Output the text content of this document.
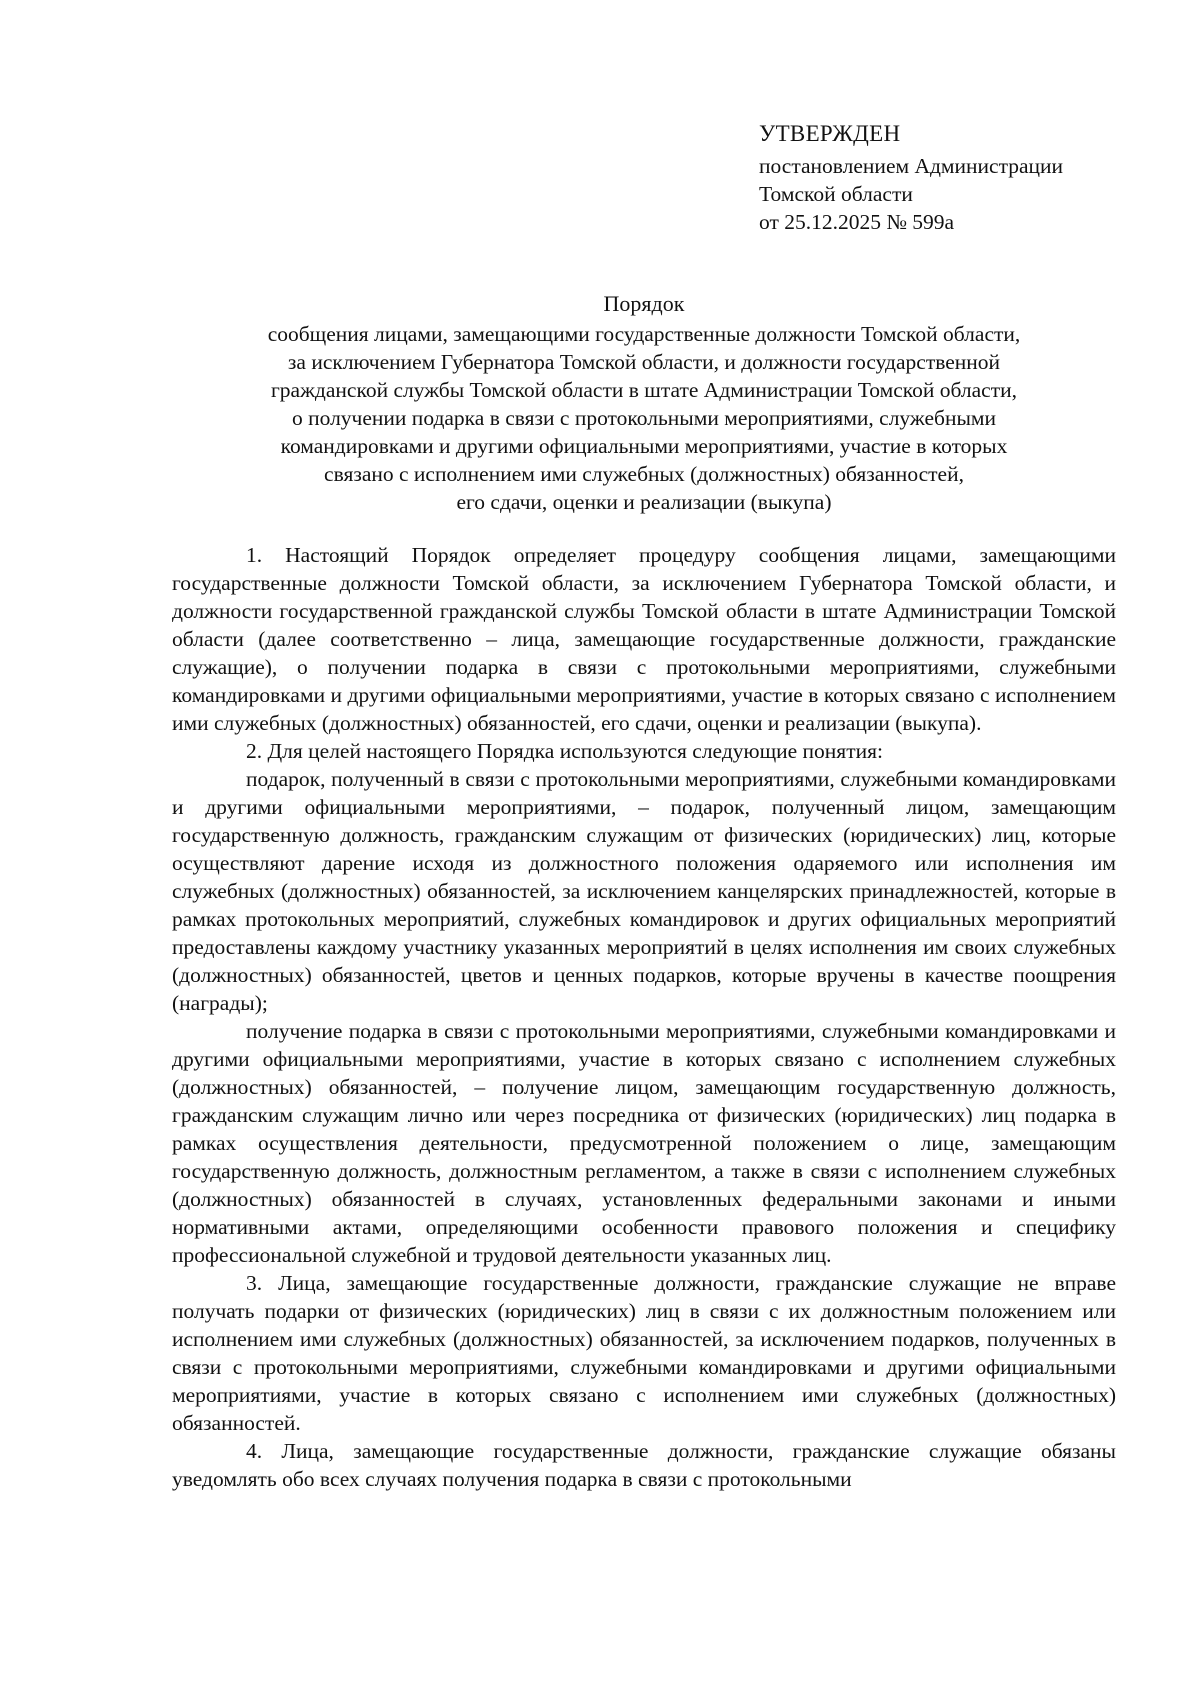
УТВЕРЖДЕН
постановлением Администрации
Томской области
от 25.12.2025 № 599а
Порядок
сообщения лицами, замещающими государственные должности Томской области,
за исключением Губернатора Томской области, и должности государственной
гражданской службы Томской области в штате Администрации Томской области,
о получении подарка в связи с протокольными мероприятиями, служебными
командировками и другими официальными мероприятиями, участие в которых
связано с исполнением ими служебных (должностных) обязанностей,
его сдачи, оценки и реализации (выкупа)

1. Настоящий Порядок определяет процедуру сообщения лицами, замещающими государственные должности Томской области, за исключением Губернатора Томской области, и должности государственной гражданской службы Томской области в штате Администрации Томской области (далее соответственно – лица, замещающие государственные должности, гражданские служащие), о получении подарка в связи с протокольными мероприятиями, служебными командировками и другими официальными мероприятиями, участие в которых связано с исполнением ими служебных (должностных) обязанностей, его сдачи, оценки и реализации (выкупа).

2. Для целей настоящего Порядка используются следующие понятия:

подарок, полученный в связи с протокольными мероприятиями, служебными командировками и другими официальными мероприятиями, – подарок, полученный лицом, замещающим государственную должность, гражданским служащим от физических (юридических) лиц, которые осуществляют дарение исходя из должностного положения одаряемого или исполнения им служебных (должностных) обязанностей, за исключением канцелярских принадлежностей, которые в рамках протокольных мероприятий, служебных командировок и других официальных мероприятий предоставлены каждому участнику указанных мероприятий в целях исполнения им своих служебных (должностных) обязанностей, цветов и ценных подарков, которые вручены в качестве поощрения (награды);

получение подарка в связи с протокольными мероприятиями, служебными командировками и другими официальными мероприятиями, участие в которых связано с исполнением служебных (должностных) обязанностей, – получение лицом, замещающим государственную должность, гражданским служащим лично или через посредника от физических (юридических) лиц подарка в рамках осуществления деятельности, предусмотренной положением о лице, замещающим государственную должность, должностным регламентом, а также в связи с исполнением служебных (должностных) обязанностей в случаях, установленных федеральными законами и иными нормативными актами, определяющими особенности правового положения и специфику профессиональной служебной и трудовой деятельности указанных лиц.

3. Лица, замещающие государственные должности, гражданские служащие не вправе получать подарки от физических (юридических) лиц в связи с их должностным положением или исполнением ими служебных (должностных) обязанностей, за исключением подарков, полученных в связи с протокольными мероприятиями, служебными командировками и другими официальными мероприятиями, участие в которых связано с исполнением ими служебных (должностных) обязанностей.

4. Лица, замещающие государственные должности, гражданские служащие обязаны уведомлять обо всех случаях получения подарка в связи с протокольными
